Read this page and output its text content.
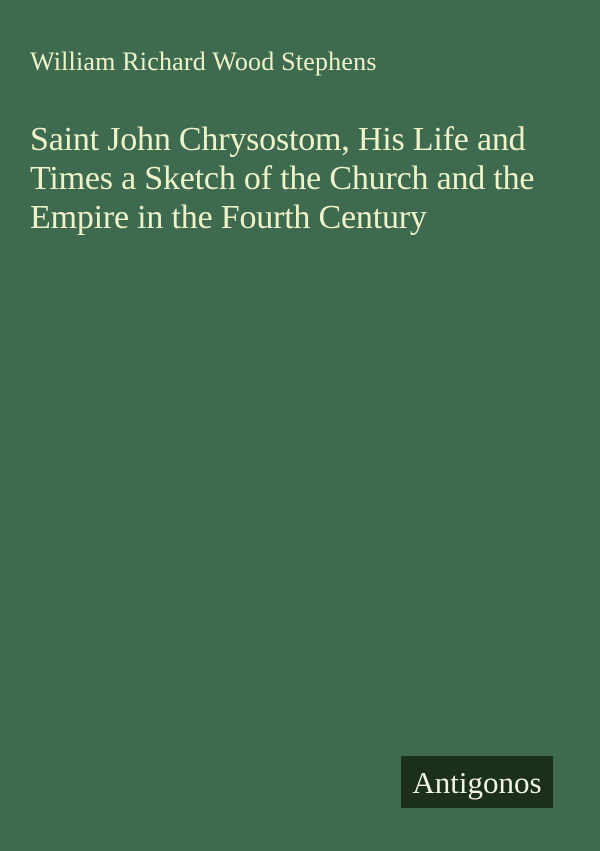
William Richard Wood Stephens
Saint John Chrysostom, His Life and
Times a Sketch of the Church and the
Empire in the Fourth Century
Antigonos
